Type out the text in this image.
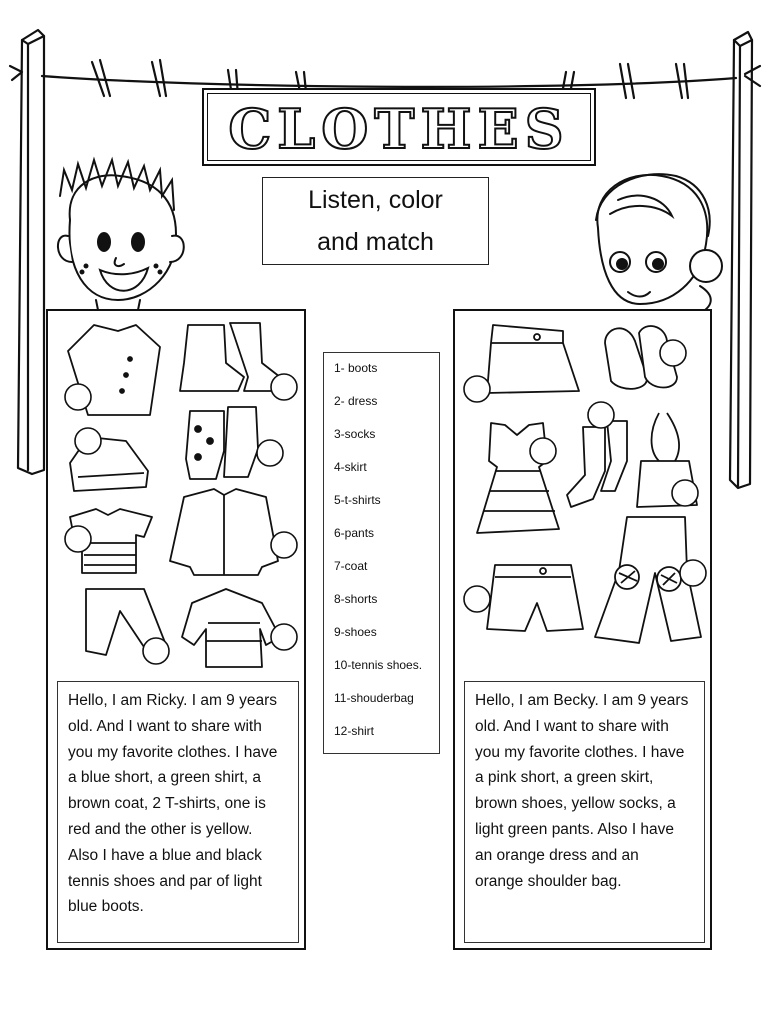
CLOTHES
Listen, color
and match
Hello, I am Ricky. I am 9 years
old. And I want to share with
you my favorite clothes. I have
a blue short, a green shirt, a
brown coat, 2 T-shirts, one is
red and the other is yellow.
Also I have a blue and black
tennis shoes and par of light
blue boots.
1- boots
2- dress
3-socks
4-skirt
5-t-shirts
6-pants
7-coat
8-shorts
9-shoes
10-tennis shoes.
11-shouderbag
12-shirt
Hello, I am Becky. I am 9 years
old. And I want to share with
you my favorite clothes. I have
a pink short, a green skirt,
brown shoes, yellow socks, a
light green pants. Also I have
an orange dress and an
orange shoulder bag.
